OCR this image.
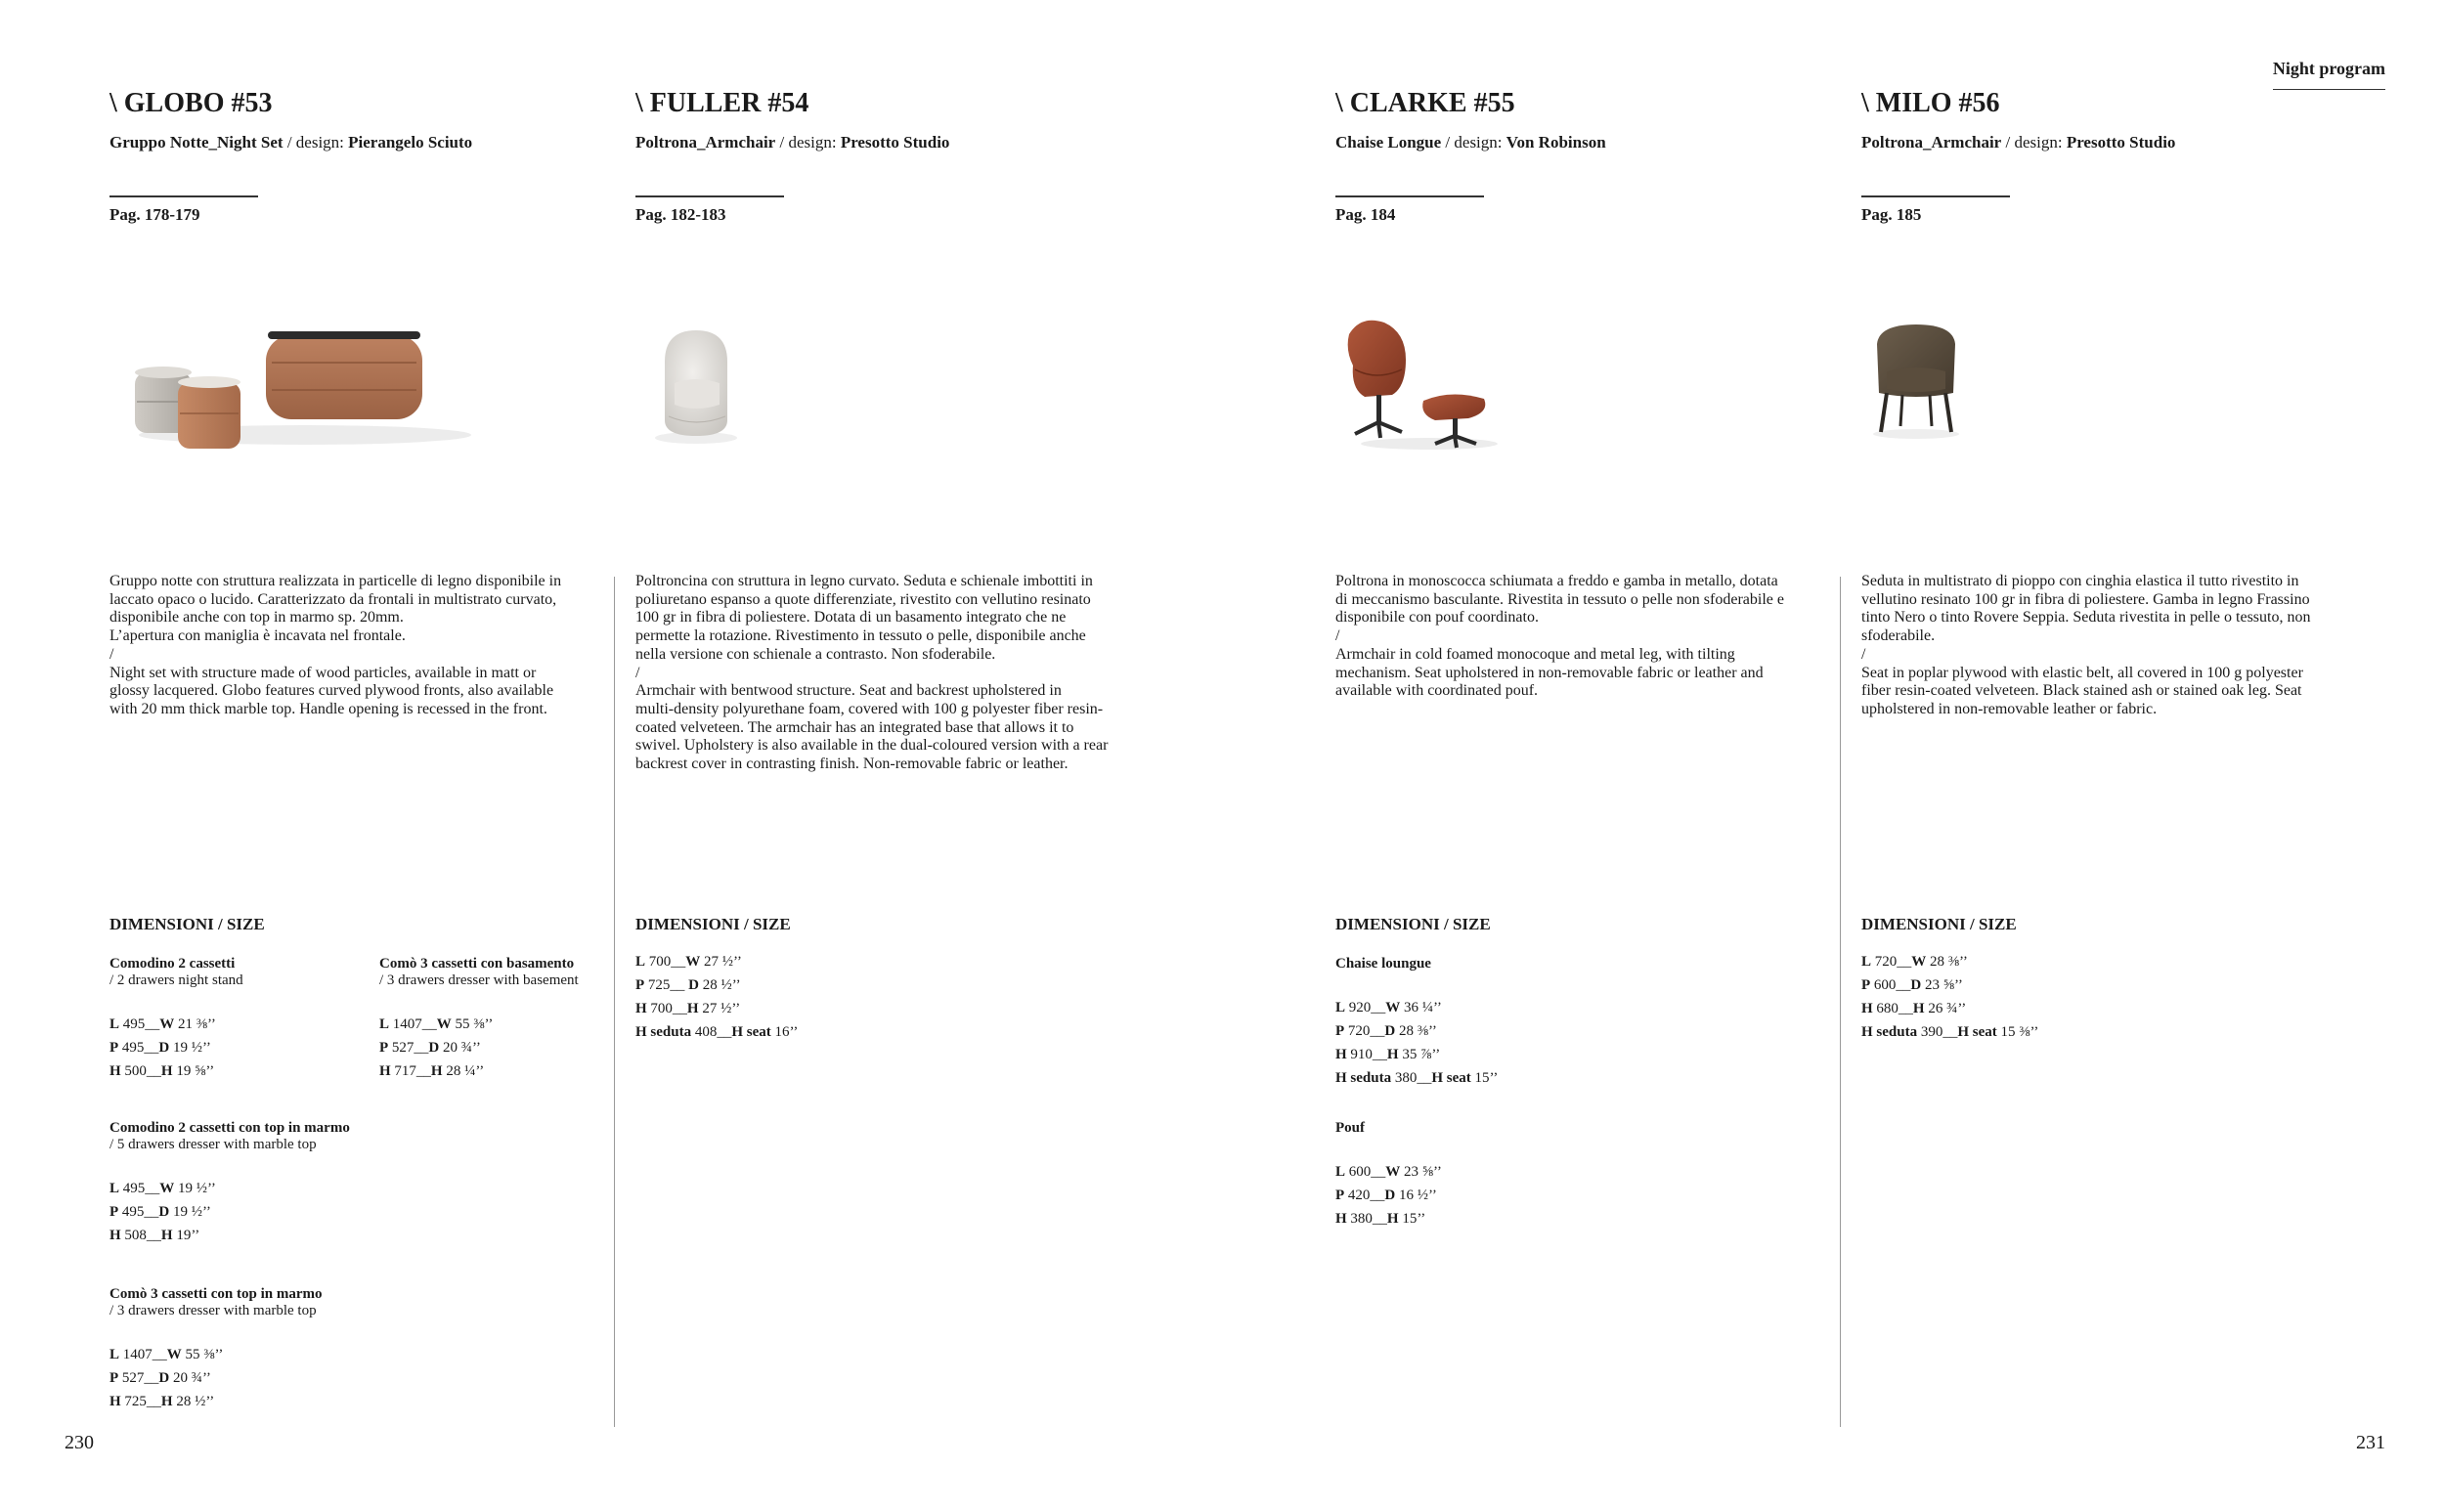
Night program
\ GLOBO #53
Gruppo Notte_Night Set / design: Pierangelo Sciuto
Pag. 178-179

Gruppo notte con struttura realizzata in particelle di legno disponibile in

laccato opaco o lucido. Caratterizzato da frontali in multistrato curvato,

disponibile anche con top in marmo sp. 20mm.

L’apertura con maniglia è incavata nel frontale.

/

Night set with structure made of wood particles, available in matt or

glossy lacquered. Globo features curved plywood fronts, also available

with 20 mm thick marble top. Handle opening is recessed in the front.

DIMENSIONI / SIZE
Comodino 2 cassetti
/ 2 drawers night stand
L 495__W 21 ⅜’’
P 495__D 19 ½’’
H 500__H 19 ⅝’’
Comò 3 cassetti con basamento
/ 3 drawers dresser with basement
L 1407__W 55 ⅜’’
P 527__D 20 ¾’’
H 717__H 28 ¼’’
Comodino 2 cassetti con top in marmo
/ 5 drawers dresser with marble top
L 495__W 19 ½’’
P 495__D 19 ½’’
H 508__H 19’’
Comò 3 cassetti con top in marmo
/ 3 drawers dresser with marble top
L 1407__W 55 ⅜’’
P 527__D 20 ¾’’
H 725__H 28 ½’’
\ FULLER #54
Poltrona_Armchair / design: Presotto Studio
Pag. 182-183

Poltroncina con struttura in legno curvato. Seduta e schienale imbottiti in

poliuretano espanso a quote differenziate, rivestito con vellutino resinato

100 gr in fibra di poliestere. Dotata di un basamento integrato che ne

permette la rotazione. Rivestimento in tessuto o pelle, disponibile anche

nella versione con schienale a contrasto. Non sfoderabile.

/

Armchair with bentwood structure. Seat and backrest upholstered in

multi-density polyurethane foam, covered with 100 g polyester fiber resin-

coated velveteen. The armchair has an integrated base that allows it to

swivel. Upholstery is also available in the dual-coloured version with a rear

backrest cover in contrasting finish. Non-removable fabric or leather.

DIMENSIONI / SIZE
L 700__W 27 ½’’
P 725__ D 28 ½’’
H 700__H 27 ½’’
H seduta 408__H seat 16’’
\ CLARKE #55
Chaise Longue / design: Von Robinson
Pag. 184

Poltrona in monoscocca schiumata a freddo e gamba in metallo, dotata

di meccanismo basculante. Rivestita in tessuto o pelle non sfoderabile e

disponibile con pouf coordinato.

/

Armchair in cold foamed monocoque and metal leg, with tilting

mechanism. Seat upholstered in non-removable fabric or leather and

available with coordinated pouf.

DIMENSIONI / SIZE
Chaise loungue
L 920__W 36 ¼’’
P 720__D 28 ⅜’’
H 910__H 35 ⅞’’
H seduta 380__H seat 15’’
Pouf
L 600__W 23 ⅝’’
P 420__D 16 ½’’
H 380__H 15’’
\ MILO #56
Poltrona_Armchair / design: Presotto Studio
Pag. 185

Seduta in multistrato di pioppo con cinghia elastica il tutto rivestito in

vellutino resinato 100 gr in fibra di poliestere. Gamba in legno Frassino

tinto Nero o tinto Rovere Seppia. Seduta rivestita in pelle o tessuto, non

sfoderabile.

/

Seat in poplar plywood with elastic belt, all covered in 100 g polyester

fiber resin-coated velveteen. Black stained ash or stained oak leg. Seat

upholstered in non-removable leather or fabric.

DIMENSIONI / SIZE
L 720__W 28 ⅜’’
P 600__D 23 ⅝’’
H 680__H 26 ¾’’
H seduta 390__H seat 15 ⅜’’
230	231
